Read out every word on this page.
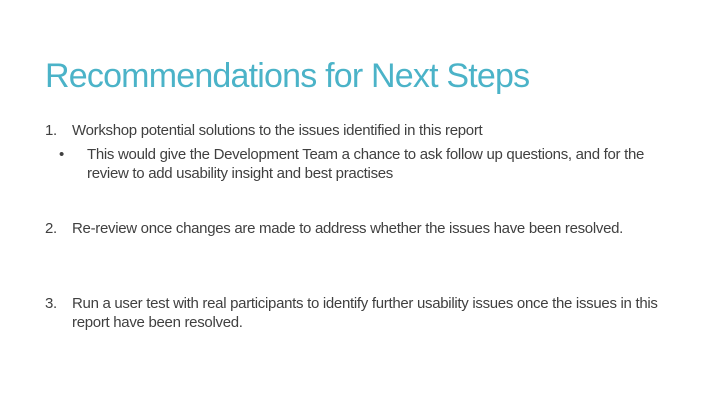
Recommendations for Next Steps
1.	Workshop potential solutions to the issues identified in this report
•	This would give the Development Team a chance to ask follow up questions, and for the review to add usability insight and best practises
2.	Re-review once changes are made to address whether the issues have been resolved.
3.	Run a user test with real participants to identify further usability issues once the issues in this report have been resolved.
